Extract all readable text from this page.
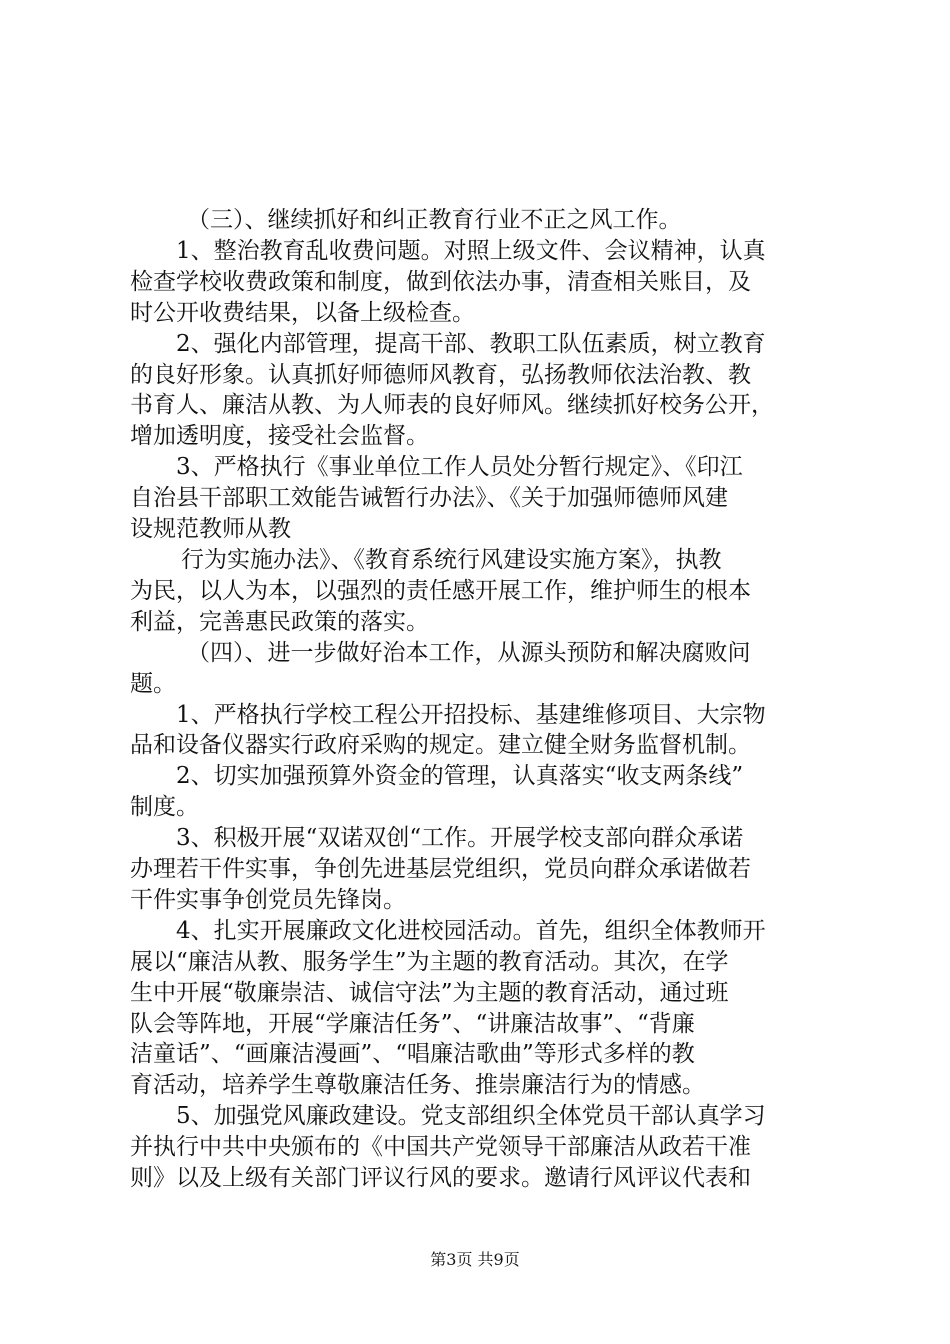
（三）、继续抓好和纠正教育行业不正之风工作。

1、整治教育乱收费问题。对照上级文件、会议精神，认真

检查学校收费政策和制度，做到依法办事，清查相关账目，及

时公开收费结果，以备上级检查。

2、强化内部管理，提高干部、教职工队伍素质，树立教育

的良好形象。认真抓好师德师风教育，弘扬教师依法治教、教

书育人、廉洁从教、为人师表的良好师风。继续抓好校务公开，

增加透明度，接受社会监督。

3、严格执行《事业单位工作人员处分暂行规定》、《印江

自治县干部职工效能告诫暂行办法》、《关于加强师德师风建

设规范教师从教

行为实施办法》、《教育系统行风建设实施方案》，执教

为民，以人为本，以强烈的责任感开展工作，维护师生的根本

利益，完善惠民政策的落实。

（四）、进一步做好治本工作，从源头预防和解决腐败问

题。

1、严格执行学校工程公开招投标、基建维修项目、大宗物

品和设备仪器实行政府采购的规定。建立健全财务监督机制。

2、切实加强预算外资金的管理，认真落实“收支两条线”

制度。

3、积极开展“双诺双创“工作。开展学校支部向群众承诺

办理若干件实事，争创先进基层党组织，党员向群众承诺做若

干件实事争创党员先锋岗。

4、扎实开展廉政文化进校园活动。首先，组织全体教师开

展以“廉洁从教、服务学生”为主题的教育活动。其次，在学

生中开展“敬廉崇洁、诚信守法”为主题的教育活动，通过班

队会等阵地，开展“学廉洁任务”、“讲廉洁故事”、“背廉

洁童话”、“画廉洁漫画”、“唱廉洁歌曲”等形式多样的教

育活动，培养学生尊敬廉洁任务、推崇廉洁行为的情感。

5、加强党风廉政建设。党支部组织全体党员干部认真学习

并执行中共中央颁布的《中国共产党领导干部廉洁从政若干准

则》以及上级有关部门评议行风的要求。邀请行风评议代表和

第3页 共9页
